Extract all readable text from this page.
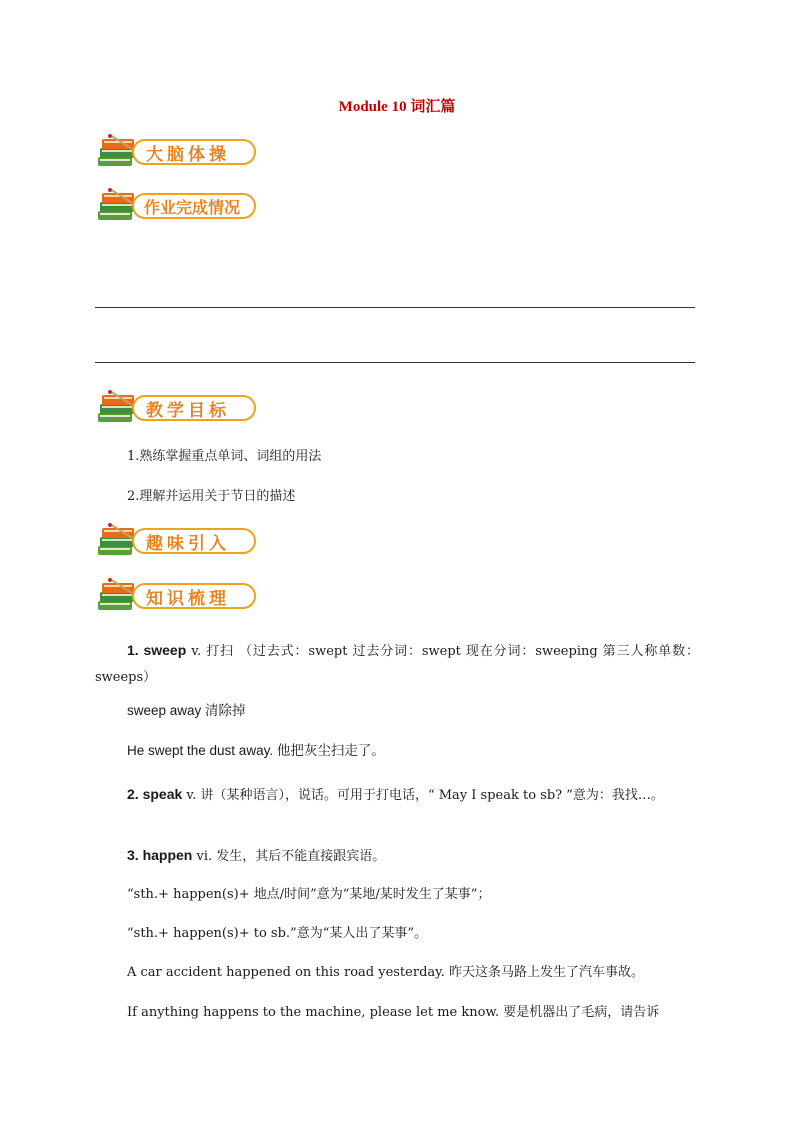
Module 10 词汇篇
大脑体操
作业完成情况
教学目标
1.熟练掌握重点单词、词组的用法
2.理解并运用关于节日的描述
趣味引入
知识梳理
1. sweep v. 打扫 （过去式：swept 过去分词：swept 现在分词：sweeping 第三人称单数：sweeps）
sweep away 清除掉
He swept the dust away. 他把灰尘扫走了。
2. speak v. 讲（某种语言），说话。可用于打电话，“ May I speak to sb? ”意为：我找…。
3. happen vi. 发生，其后不能直接跟宾语。
“sth.+ happen(s)+ 地点/时间”意为“某地/某时发生了某事”；
“sth.+ happen(s)+ to sb.”意为“某人出了某事”。
A car accident happened on this road yesterday. 昨天这条马路上发生了汽车事故。
If anything happens to the machine, please let me know. 要是机器出了毛病，请告诉
